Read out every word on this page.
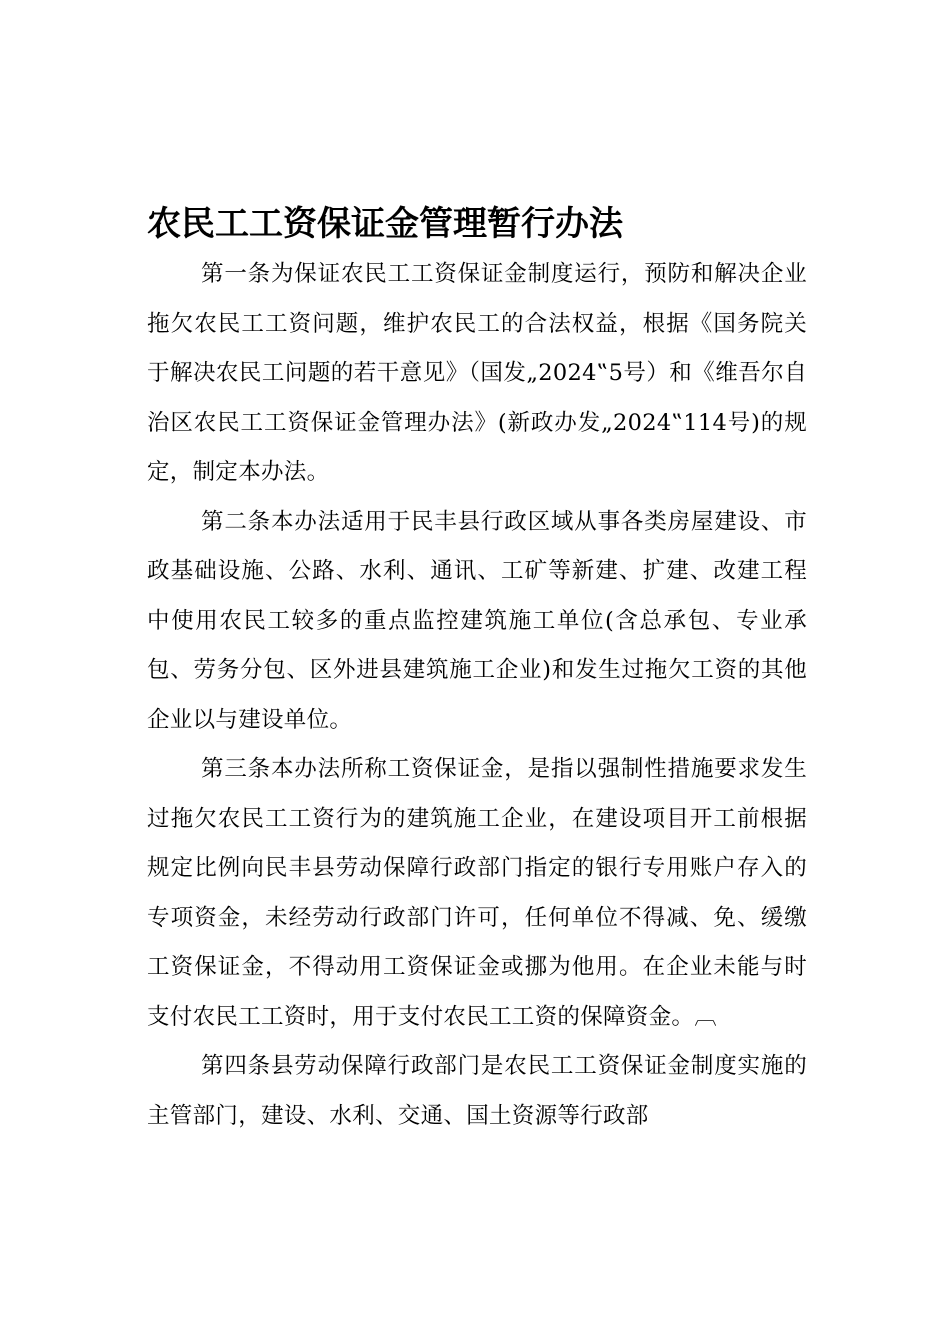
农民工工资保证金管理暂行办法

第一条为保证农民工工资保证金制度运行，预防和解决企业拖欠农民工工资问题，维护农民工的合法权益，根据《国务院关于解决农民工问题的若干意见》（国发„2024‟5号）和《维吾尔自治区农民工工资保证金管理办法》(新政办发„2024‟114号)的规定，制定本办法。

第二条本办法适用于民丰县行政区域从事各类房屋建设、市政基础设施、公路、水利、通讯、工矿等新建、扩建、改建工程中使用农民工较多的重点监控建筑施工单位(含总承包、专业承包、劳务分包、区外进县建筑施工企业)和发生过拖欠工资的其他企业以与建设单位。

第三条本办法所称工资保证金，是指以强制性措施要求发生过拖欠农民工工资行为的建筑施工企业，在建设项目开工前根据规定比例向民丰县劳动保障行政部门指定的银行专用账户存入的专项资金，未经劳动行政部门许可，任何单位不得减、免、缓缴工资保证金，不得动用工资保证金或挪为他用。在企业未能与时支付农民工工资时，用于支付农民工工资的保障资金。︹

第四条县劳动保障行政部门是农民工工资保证金制度实施的主管部门，建设、水利、交通、国土资源等行政部
